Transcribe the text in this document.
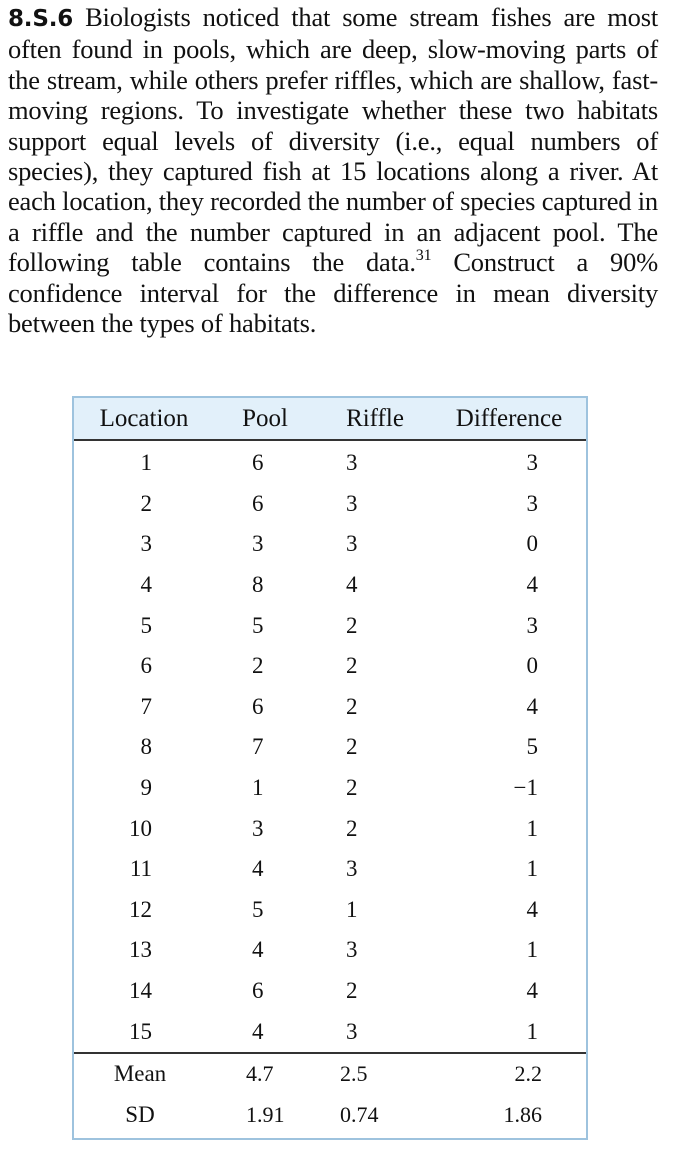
8.S.6 Biologists noticed that some stream fishes are most often found in pools, which are deep, slow-moving parts of the stream, while others prefer riffles, which are shallow, fast-moving regions. To investigate whether these two habitats support equal levels of diversity (i.e., equal numbers of species), they captured fish at 15 locations along a river. At each location, they recorded the number of species captured in a riffle and the number captured in an adjacent pool. The following table contains the data.$^{31}$ Construct a 90% confidence interval for the difference in mean diversity between the types of habitats.
Location	Pool	Riffle	Difference
1	6	3	3
2	6	3	3
3	3	3	0
4	8	4	4
5	5	2	3
6	2	2	0
7	6	2	4
8	7	2	5
9	1	2	−1
10	3	2	1
11	4	3	1
12	5	1	4
13	4	3	1
14	6	2	4
15	4	3	1
Mean	4.7	2.5	2.2
SD	1.91	0.74	1.86
